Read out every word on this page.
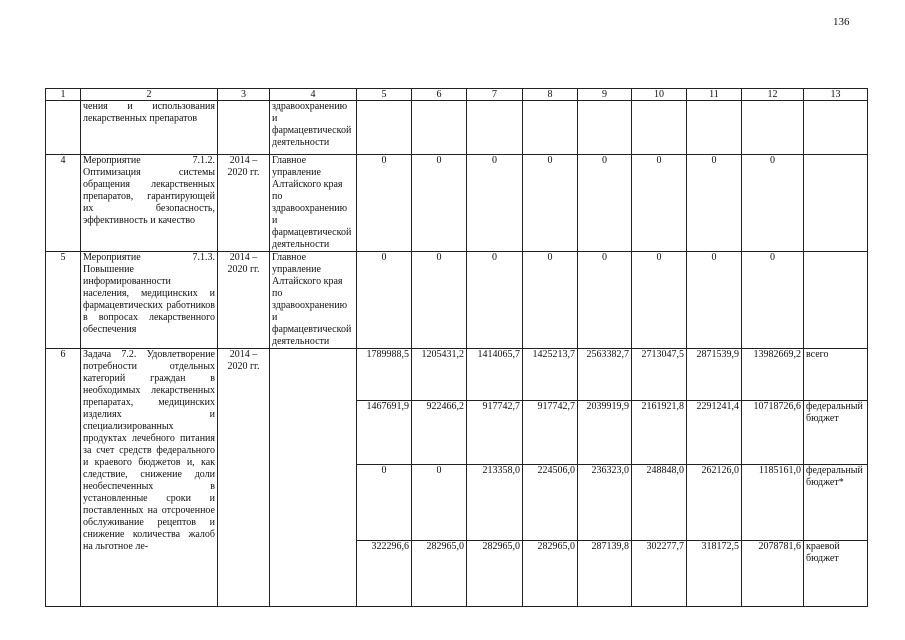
136
1	2	3	4	5	6	7	8	9	10	11	12	13
	чения и использования лекарственных препаратов		здравоохранению и фармацевтической деятельности									
4	Мероприятие 7.1.2. Оптимизация системы обращения лекарственных препаратов, гарантирующей их безопасность, эффективность и качество	2014 – 2020 гг.	Главное управление Алтайского края по здравоохранению и фармацевтической деятельности	0	0	0	0	0	0	0	0	
5	Мероприятие 7.1.3. Повышение информированности населения, медицинских и фармацевтических работников в вопросах лекарственного обеспечения	2014 – 2020 гг.	Главное управление Алтайского края по здравоохранению и фармацевтической деятельности	0	0	0	0	0	0	0	0	
6	Задача 7.2. Удовлетворение потребности отдельных категорий граждан в необходимых лекарственных препаратах, медицинских изделиях и специализированных продуктах лечебного питания за счет средств федерального и краевого бюджетов и, как следствие, снижение доли необеспеченных в установленные сроки и поставленных на отсроченное обслуживание рецептов и снижение количества жалоб на льготное ле-	2014 – 2020 гг.		1789988,5	1205431,2	1414065,7	1425213,7	2563382,7	2713047,5	2871539,9	13982669,2	всего
				1467691,9	922466,2	917742,7	917742,7	2039919,9	2161921,8	2291241,4	10718726,6	федеральный бюджет
				0	0	213358,0	224506,0	236323,0	248848,0	262126,0	1185161,0	федеральный бюджет*
				322296,6	282965,0	282965,0	282965,0	287139,8	302277,7	318172,5	2078781,6	краевой бюджет
